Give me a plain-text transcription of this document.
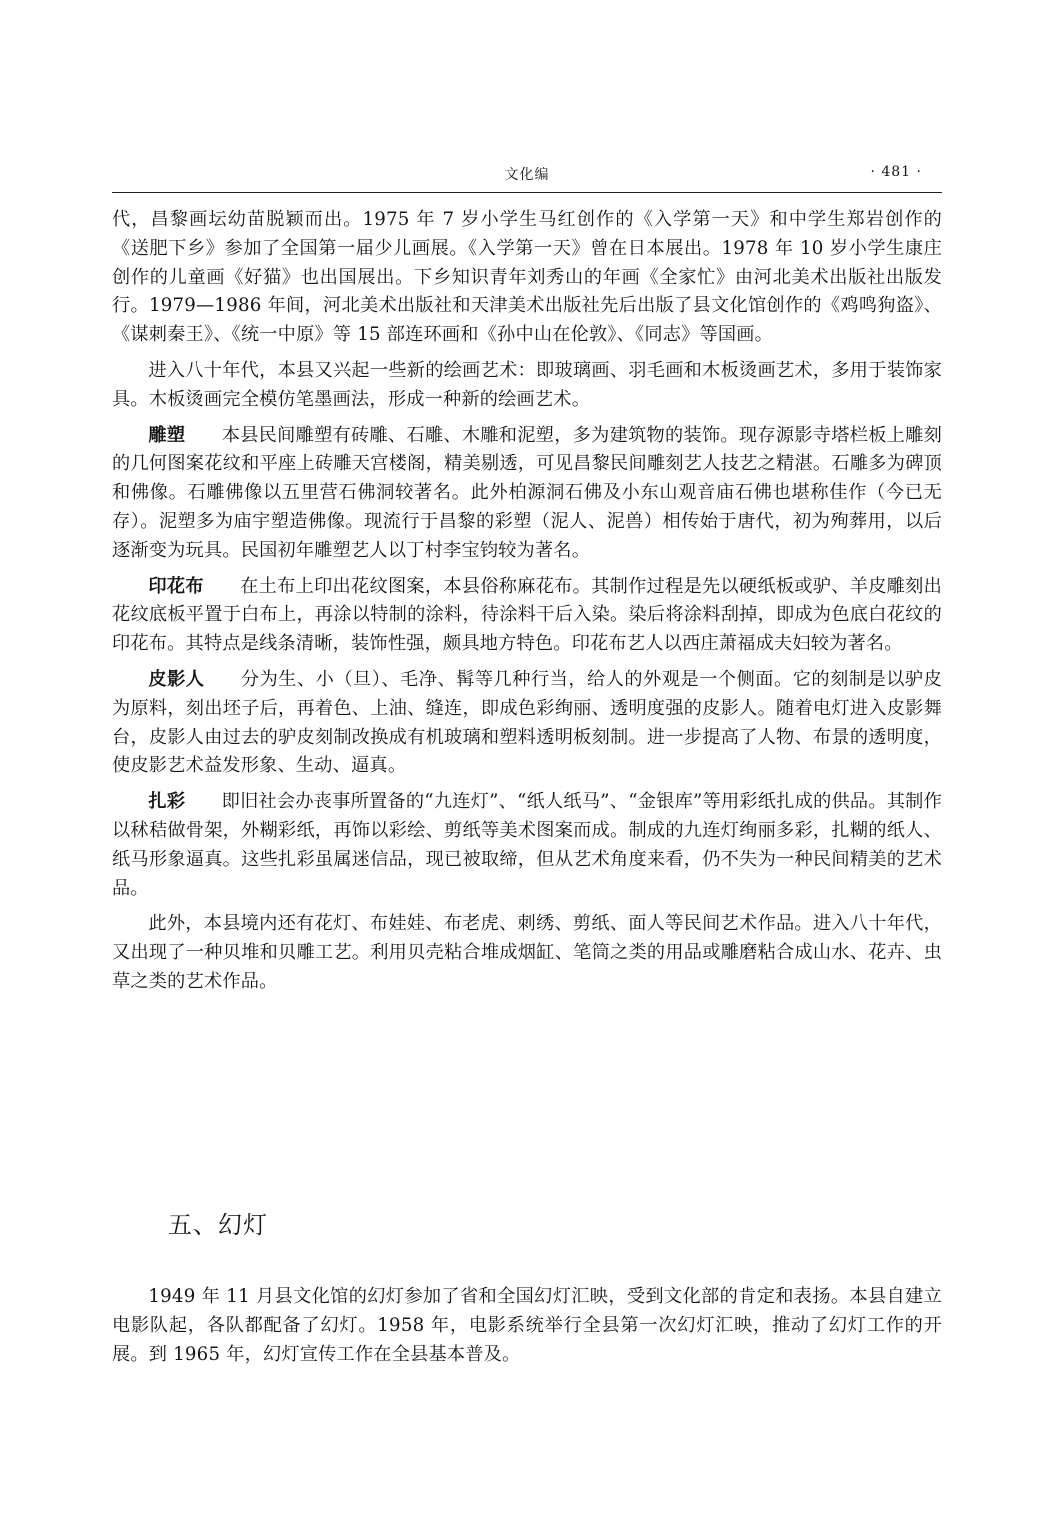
文化编	· 481 ·

代，昌黎画坛幼苗脱颖而出。1975 年 7 岁小学生马红创作的《入学第一天》和中学生郑岩创作的《送肥下乡》参加了全国第一届少儿画展。《入学第一天》曾在日本展出。1978 年 10 岁小学生康庄创作的儿童画《好猫》也出国展出。下乡知识青年刘秀山的年画《全家忙》由河北美术出版社出版发行。1979—1986 年间，河北美术出版社和天津美术出版社先后出版了县文化馆创作的《鸡鸣狗盗》、《谋刺秦王》、《统一中原》等 15 部连环画和《孙中山在伦敦》、《同志》等国画。

进入八十年代，本县又兴起一些新的绘画艺术：即玻璃画、羽毛画和木板烫画艺术，多用于装饰家具。木板烫画完全模仿笔墨画法，形成一种新的绘画艺术。

雕塑 本县民间雕塑有砖雕、石雕、木雕和泥塑，多为建筑物的装饰。现存源影寺塔栏板上雕刻的几何图案花纹和平座上砖雕天宫楼阁，精美剔透，可见昌黎民间雕刻艺人技艺之精湛。石雕多为碑顶和佛像。石雕佛像以五里营石佛洞较著名。此外柏源洞石佛及小东山观音庙石佛也堪称佳作（今已无存）。泥塑多为庙宇塑造佛像。现流行于昌黎的彩塑（泥人、泥兽）相传始于唐代，初为殉葬用，以后逐渐变为玩具。民国初年雕塑艺人以丁村李宝钧较为著名。

印花布 在土布上印出花纹图案，本县俗称麻花布。其制作过程是先以硬纸板或驴、羊皮雕刻出花纹底板平置于白布上，再涂以特制的涂料，待涂料干后入染。染后将涂料刮掉，即成为色底白花纹的印花布。其特点是线条清晰，装饰性强，颇具地方特色。印花布艺人以西庄萧福成夫妇较为著名。

皮影人 分为生、小（旦）、毛净、髯等几种行当，给人的外观是一个侧面。它的刻制是以驴皮为原料，刻出坯子后，再着色、上油、缝连，即成色彩绚丽、透明度强的皮影人。随着电灯进入皮影舞台，皮影人由过去的驴皮刻制改换成有机玻璃和塑料透明板刻制。进一步提高了人物、布景的透明度，使皮影艺术益发形象、生动、逼真。

扎彩 即旧社会办丧事所置备的“九连灯”、“纸人纸马”、“金银库”等用彩纸扎成的供品。其制作以秫秸做骨架，外糊彩纸，再饰以彩绘、剪纸等美术图案而成。制成的九连灯绚丽多彩，扎糊的纸人、纸马形象逼真。这些扎彩虽属迷信品，现已被取缔，但从艺术角度来看，仍不失为一种民间精美的艺术品。

此外，本县境内还有花灯、布娃娃、布老虎、刺绣、剪纸、面人等民间艺术作品。进入八十年代，又出现了一种贝堆和贝雕工艺。利用贝壳粘合堆成烟缸、笔筒之类的用品或雕磨粘合成山水、花卉、虫草之类的艺术作品。

五、幻灯

1949 年 11 月县文化馆的幻灯参加了省和全国幻灯汇映，受到文化部的肯定和表扬。本县自建立电影队起，各队都配备了幻灯。1958 年，电影系统举行全县第一次幻灯汇映，推动了幻灯工作的开展。到 1965 年，幻灯宣传工作在全县基本普及。
